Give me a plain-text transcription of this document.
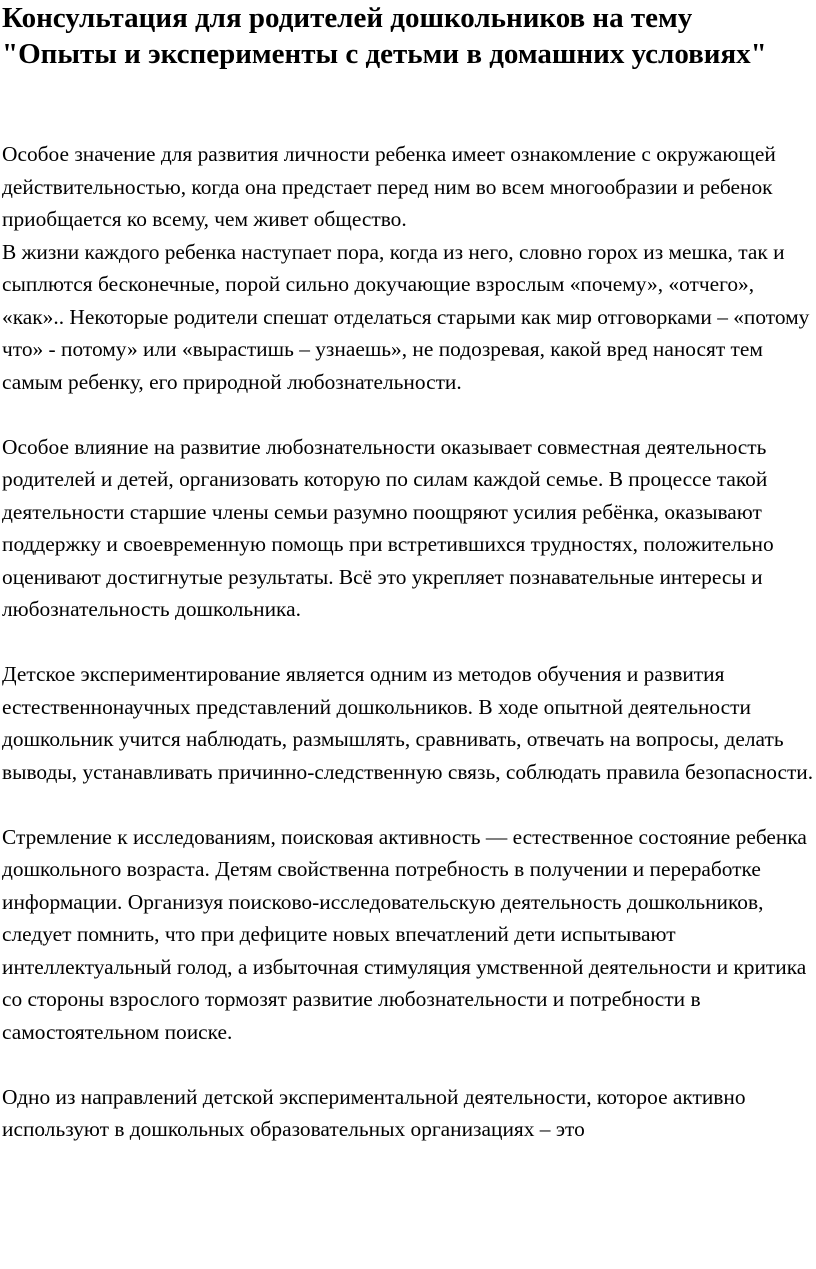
Консультация для родителей дошкольников на тему "Опыты и эксперименты с детьми в домашних условиях"

Особое значение для развития личности ребенка имеет ознакомление с окружающей действительностью, когда она предстает перед ним во всем многообразии и ребенок приобщается ко всему, чем живет общество.

В жизни каждого ребенка наступает пора, когда из него, словно горох из мешка, так и сыплются бесконечные, порой сильно докучающие взрослым «почему», «отчего», «как».. Некоторые родители спешат отделаться старыми как мир отговорками – «потому что» - потому» или «вырастишь – узнаешь», не подозревая, какой вред наносят тем самым ребенку, его природной любознательности.

Особое влияние на развитие любознательности оказывает совместная деятельность родителей и детей, организовать которую по силам каждой семье. В процессе такой деятельности старшие члены семьи разумно поощряют усилия ребёнка, оказывают поддержку и своевременную помощь при встретившихся трудностях, положительно оценивают достигнутые результаты. Всё это укрепляет познавательные интересы и любознательность дошкольника.

Детское экспериментирование является одним из методов обучения и развития естественнонаучных представлений дошкольников. В ходе опытной деятельности дошкольник учится наблюдать, размышлять, сравнивать, отвечать на вопросы, делать выводы, устанавливать причинно-следственную связь, соблюдать правила безопасности.

Стремление к исследованиям, поисковая активность — естественное состояние ребенка дошкольного возраста. Детям свойственна потребность в получении и переработке информации. Организуя поисково-исследовательскую деятельность дошкольников, следует помнить, что при дефиците новых впечатлений дети испытывают интеллектуальный голод, а избыточная стимуляция умственной деятельности и критика со стороны взрослого тормозят развитие любознательности и потребности в самостоятельном поиске.

Одно из направлений детской экспериментальной деятельности, которое активно используют в дошкольных образовательных организациях – это
